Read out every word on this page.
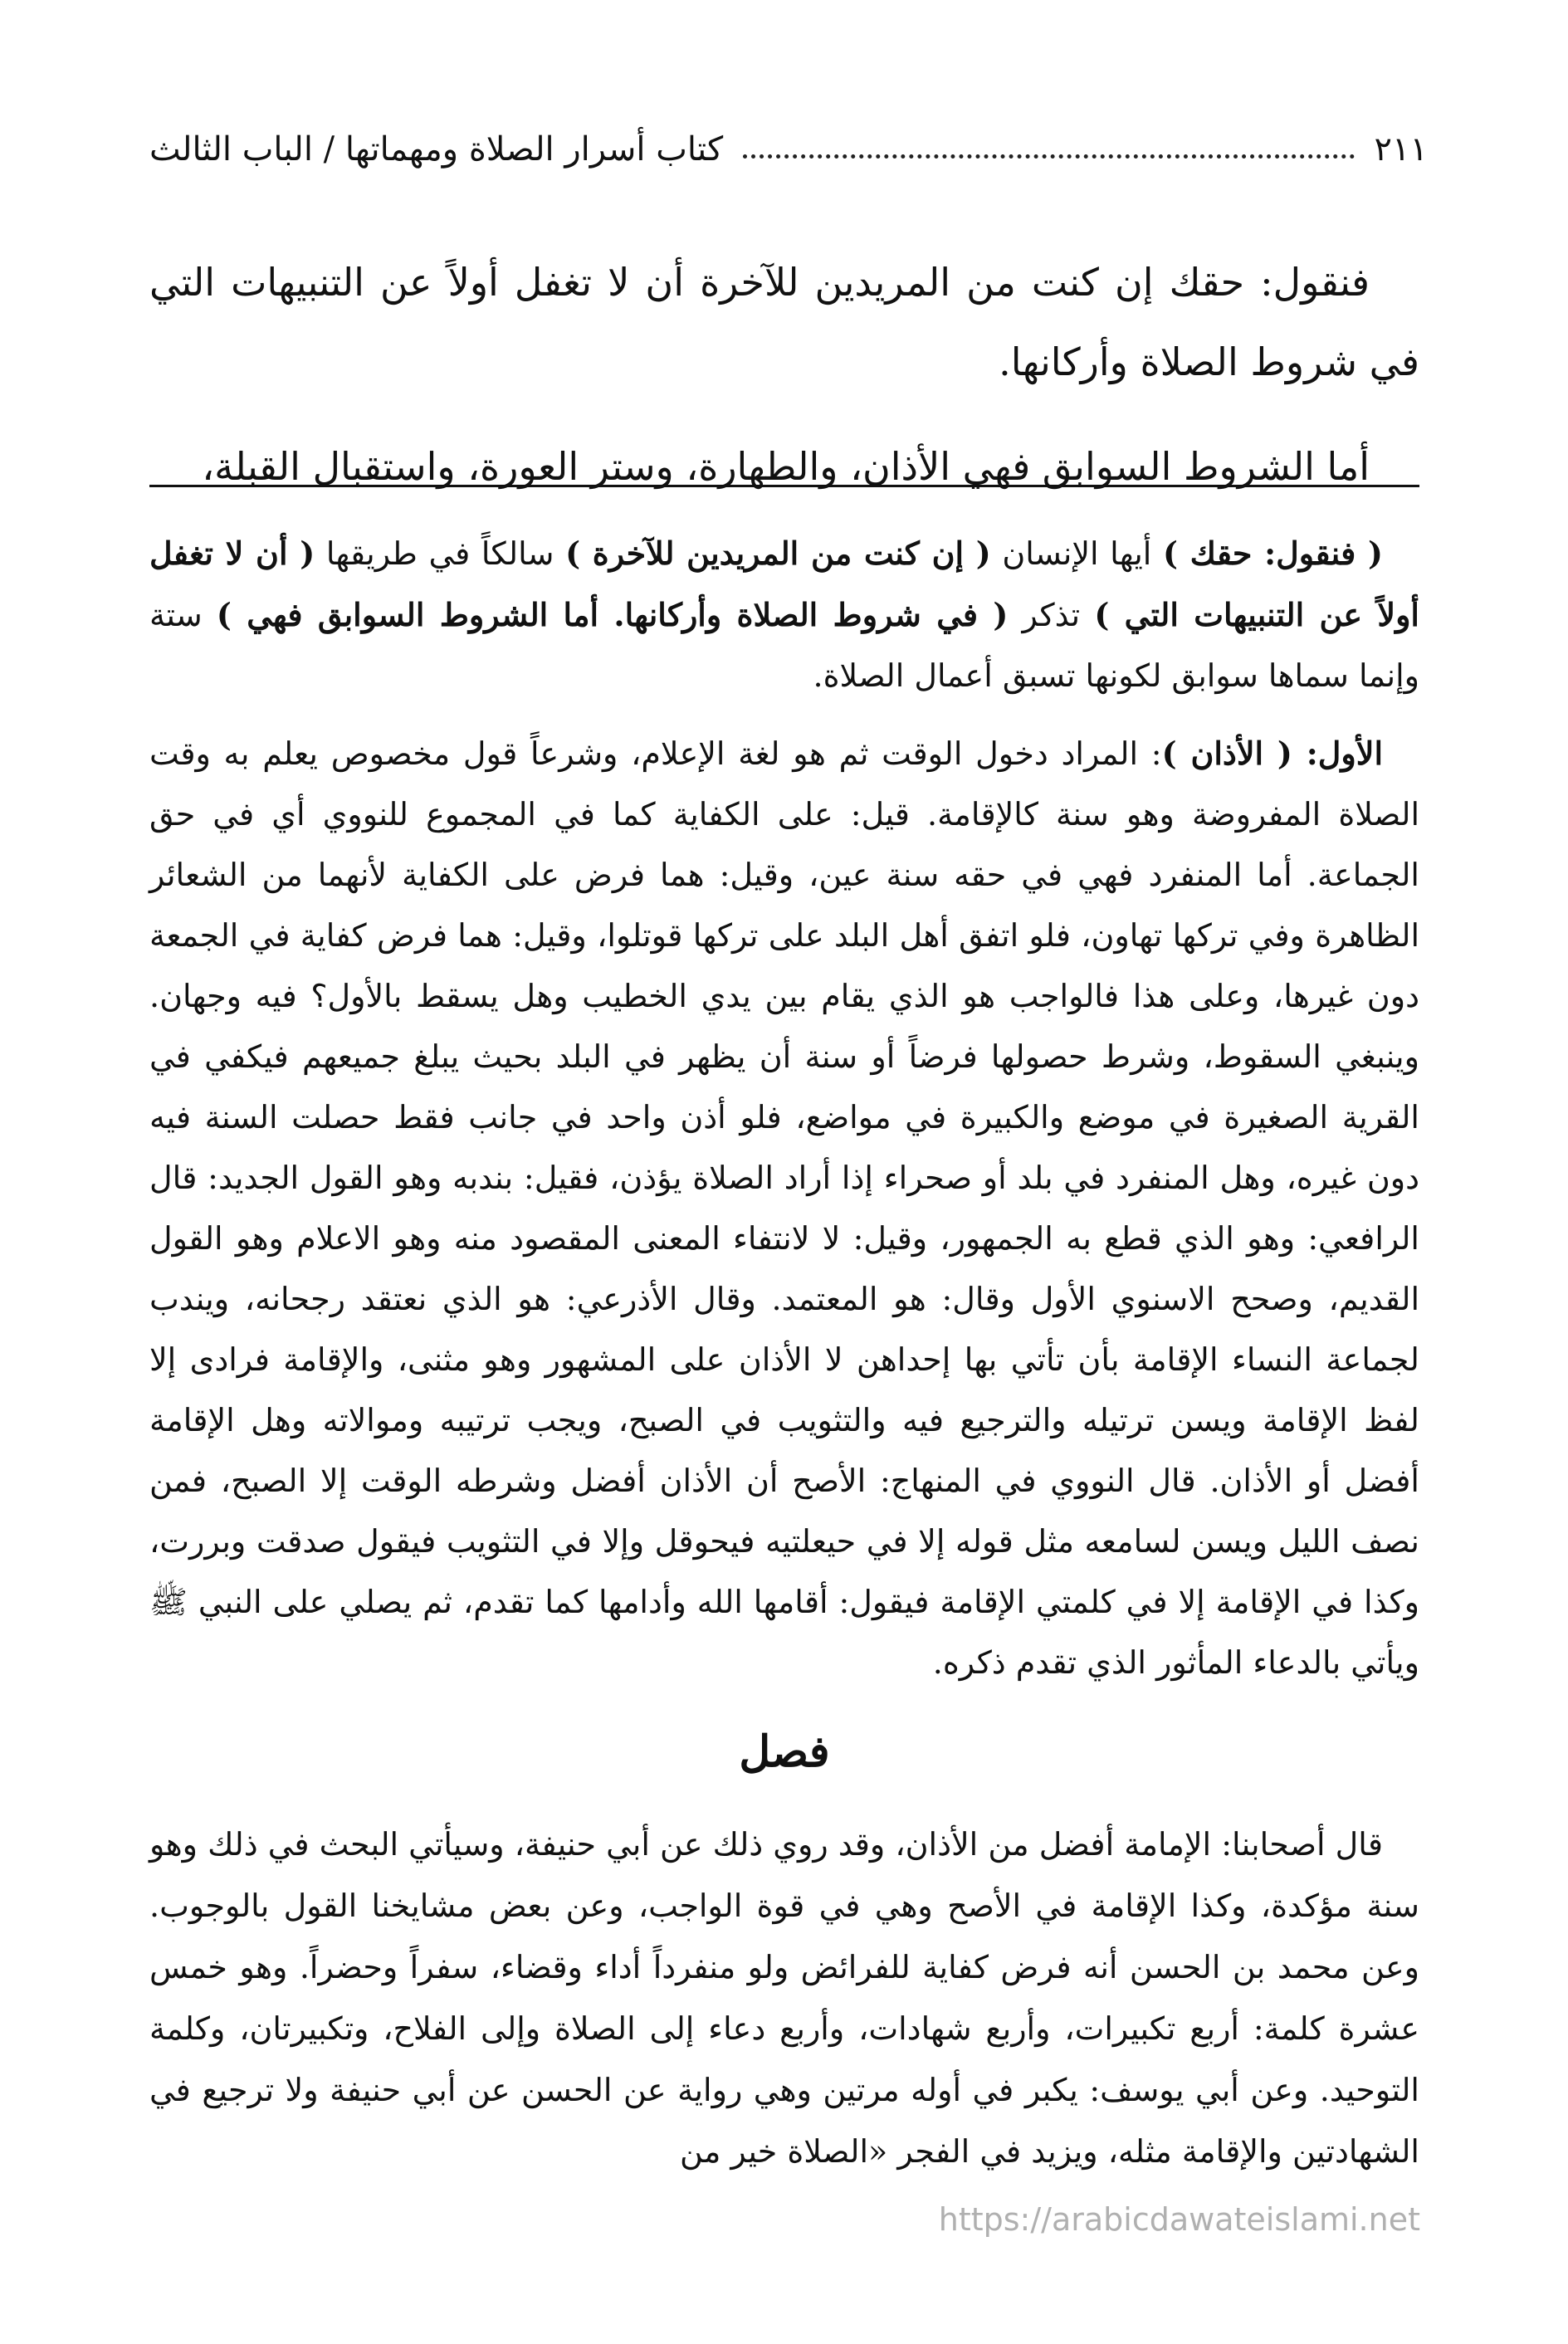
كتاب أسرار الصلاة ومهماتها / الباب الثالث	٢١١

فنقول: حقك إن كنت من المريدين للآخرة أن لا تغفل أولاً عن التنبيهات التي في شروط الصلاة وأركانها.

أما الشروط السوابق فهي الأذان، والطهارة، وستر العورة، واستقبال القبلة،

( فنقول: حقك ) أيها الإنسان ( إن كنت من المريدين للآخرة ) سالكاً في طريقها ( أن لا تغفل أولاً عن التنبيهات التي ) تذكر ( في شروط الصلاة وأركانها. أما الشروط السوابق فهي ) ستة وإنما سماها سوابق لكونها تسبق أعمال الصلاة.

الأول: ( الأذان ): المراد دخول الوقت ثم هو لغة الإعلام، وشرعاً قول مخصوص يعلم به وقت الصلاة المفروضة وهو سنة كالإقامة. قيل: على الكفاية كما في المجموع للنووي أي في حق الجماعة. أما المنفرد فهي في حقه سنة عين، وقيل: هما فرض على الكفاية لأنهما من الشعائر الظاهرة وفي تركها تهاون، فلو اتفق أهل البلد على تركها قوتلوا، وقيل: هما فرض كفاية في الجمعة دون غيرها، وعلى هذا فالواجب هو الذي يقام بين يدي الخطيب وهل يسقط بالأول؟ فيه وجهان. وينبغي السقوط، وشرط حصولها فرضاً أو سنة أن يظهر في البلد بحيث يبلغ جميعهم فيكفي في القرية الصغيرة في موضع والكبيرة في مواضع، فلو أذن واحد في جانب فقط حصلت السنة فيه دون غيره، وهل المنفرد في بلد أو صحراء إذا أراد الصلاة يؤذن، فقيل: بندبه وهو القول الجديد: قال الرافعي: وهو الذي قطع به الجمهور، وقيل: لا لانتفاء المعنى المقصود منه وهو الاعلام وهو القول القديم، وصحح الاسنوي الأول وقال: هو المعتمد. وقال الأذرعي: هو الذي نعتقد رجحانه، ويندب لجماعة النساء الإقامة بأن تأتي بها إحداهن لا الأذان على المشهور وهو مثنى، والإقامة فرادى إلا لفظ الإقامة ويسن ترتيله والترجيع فيه والتثويب في الصبح، ويجب ترتيبه وموالاته وهل الإقامة أفضل أو الأذان. قال النووي في المنهاج: الأصح أن الأذان أفضل وشرطه الوقت إلا الصبح، فمن نصف الليل ويسن لسامعه مثل قوله إلا في حيعلتيه فيحوقل وإلا في التثويب فيقول صدقت وبررت، وكذا في الإقامة إلا في كلمتي الإقامة فيقول: أقامها الله وأدامها كما تقدم، ثم يصلي على النبي ﷺ ويأتي بالدعاء المأثور الذي تقدم ذكره.

فصل

قال أصحابنا: الإمامة أفضل من الأذان، وقد روي ذلك عن أبي حنيفة، وسيأتي البحث في ذلك وهو سنة مؤكدة، وكذا الإقامة في الأصح وهي في قوة الواجب، وعن بعض مشايخنا القول بالوجوب. وعن محمد بن الحسن أنه فرض كفاية للفرائض ولو منفرداً أداء وقضاء، سفراً وحضراً. وهو خمس عشرة كلمة: أربع تكبيرات، وأربع شهادات، وأربع دعاء إلى الصلاة وإلى الفلاح، وتكبيرتان، وكلمة التوحيد. وعن أبي يوسف: يكبر في أوله مرتين وهي رواية عن الحسن عن أبي حنيفة ولا ترجيع في الشهادتين والإقامة مثله، ويزيد في الفجر «الصلاة خير من

https://arabicdawateislami.net
